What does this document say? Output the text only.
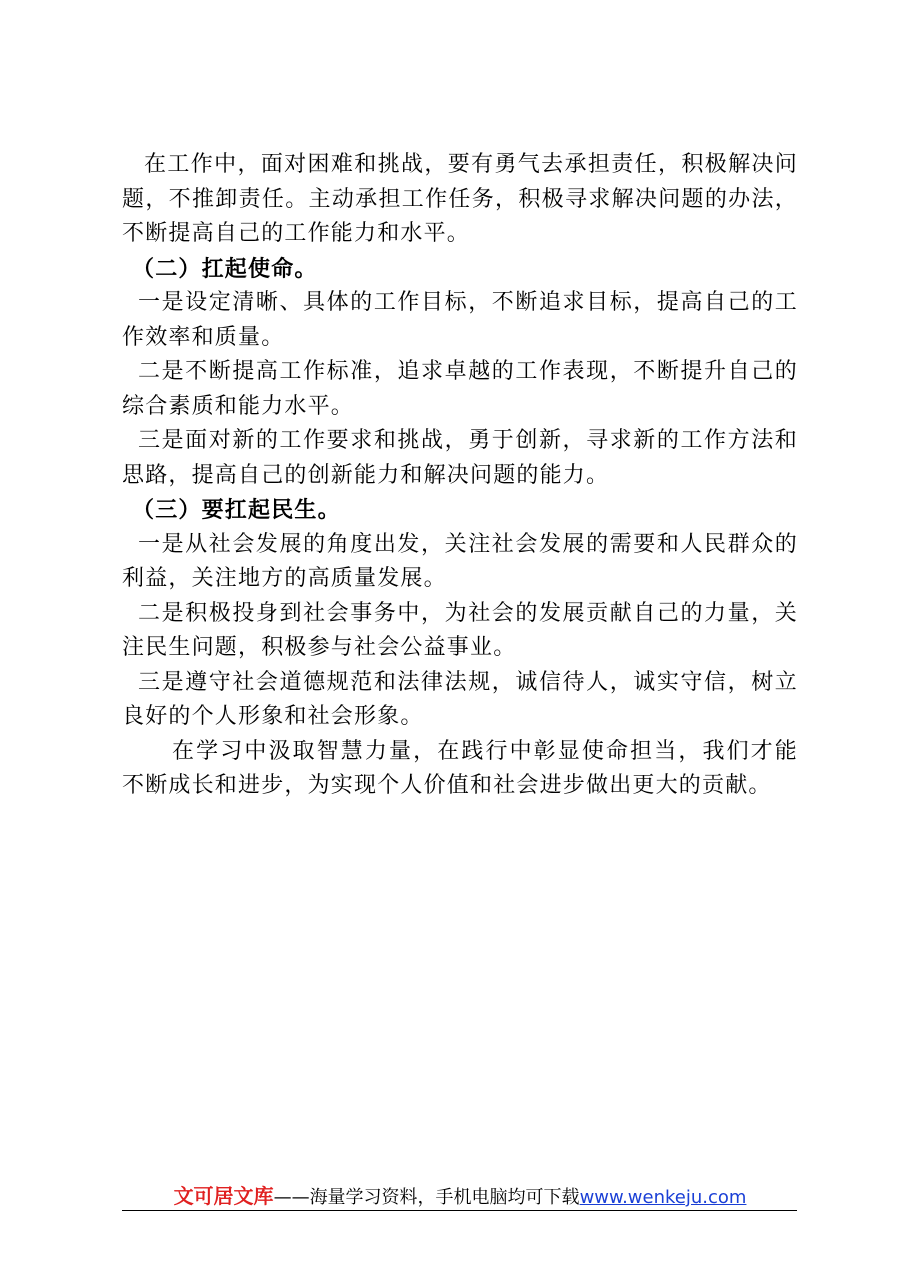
在工作中，面对困难和挑战，要有勇气去承担责任，积极解决问题，不推卸责任。主动承担工作任务，积极寻求解决问题的办法，不断提高自己的工作能力和水平。

（二）扛起使命。

一是设定清晰、具体的工作目标，不断追求目标，提高自己的工作效率和质量。

二是不断提高工作标准，追求卓越的工作表现，不断提升自己的综合素质和能力水平。

三是面对新的工作要求和挑战，勇于创新，寻求新的工作方法和思路，提高自己的创新能力和解决问题的能力。

（三）要扛起民生。

一是从社会发展的角度出发，关注社会发展的需要和人民群众的利益，关注地方的高质量发展。

二是积极投身到社会事务中，为社会的发展贡献自己的力量，关注民生问题，积极参与社会公益事业。

三是遵守社会道德规范和法律法规，诚信待人，诚实守信，树立良好的个人形象和社会形象。

在学习中汲取智慧力量，在践行中彰显使命担当，我们才能不断成长和进步，为实现个人价值和社会进步做出更大的贡献。

文可居文库——海量学习资料，手机电脑均可下载www.wenkeju.com
